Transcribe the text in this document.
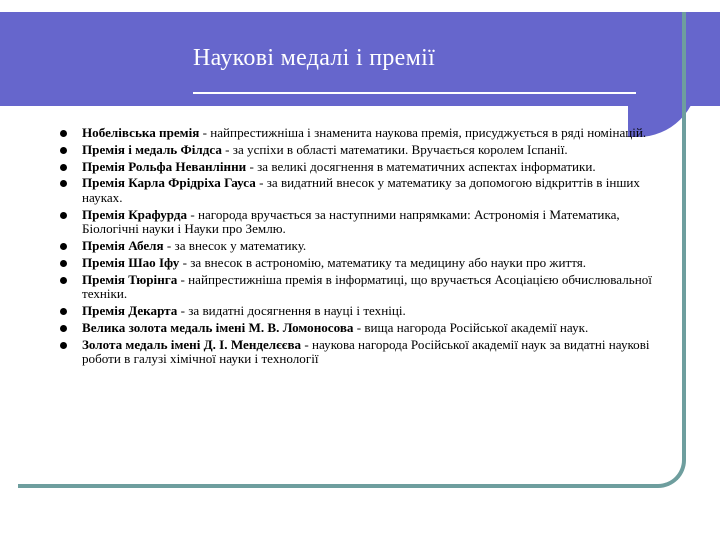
Наукові медалі і премії
Нобелівська премія - найпрестижніша і знаменита наукова премія, присуджується в ряді номінацій.
Премія і медаль Філдса - за успіхи в області математики. Вручається королем Іспанії.
Премія Рольфа Неванлінни - за великі досягнення в математичних аспектах інформатики.
Премія Карла Фрідріха Гауса - за видатний внесок у математику за допомогою відкриттів в інших науках.
Премія Крафурда - нагорода вручається за наступними напрямками: Астрономія і Математика, Біологічні науки і Науки про Землю.
Премія Абеля - за внесок у математику.
Премія Шао Іфу - за внесок в астрономію, математику та медицину або науки про життя.
Премія Тюрінга - найпрестижніша премія в інформатиці, що вручається Асоціацією обчислювальної техніки.
Премія Декарта - за видатні досягнення в науці і техніці.
Велика золота медаль імені М. В. Ломоносова - вища нагорода Російської академії наук.
Золота медаль імені Д. І. Менделєєва - наукова нагорода Російської академії наук за видатні наукові роботи в галузі хімічної науки і технології
